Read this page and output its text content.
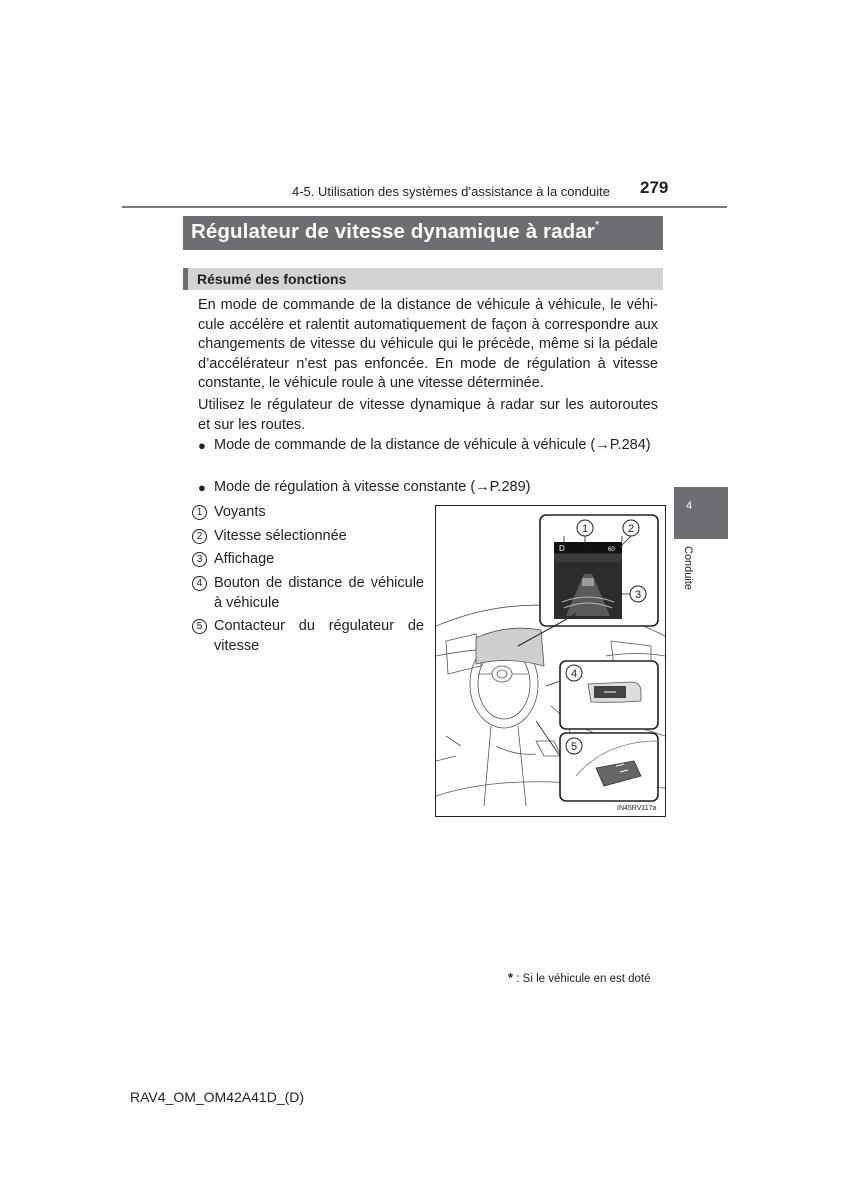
4-5. Utilisation des systèmes d’assistance à la conduite 279
Régulateur de vitesse dynamique à radar*
Résumé des fonctions
En mode de commande de la distance de véhicule à véhicule, le véhi-cule accélère et ralentit automatiquement de façon à correspondre aux changements de vitesse du véhicule qui le précède, même si la pédale d’accélérateur n’est pas enfoncée. En mode de régulation à vitesse constante, le véhicule roule à une vitesse déterminée.
Utilisez le régulateur de vitesse dynamique à radar sur les autoroutes et sur les routes.
● Mode de commande de la distance de véhicule à véhicule (→P.284)
● Mode de régulation à vitesse constante (→P.289)
1 Voyants
2 Vitesse sélectionnée
3 Affichage
4 Bouton de distance de véhicule à véhicule
5 Contacteur du régulateur de vitesse
D	60
1	2
3
4
5
IN45RV117a
4
Conduite
* : Si le véhicule en est doté
RAV4_OM_OM42A41D_(D)
